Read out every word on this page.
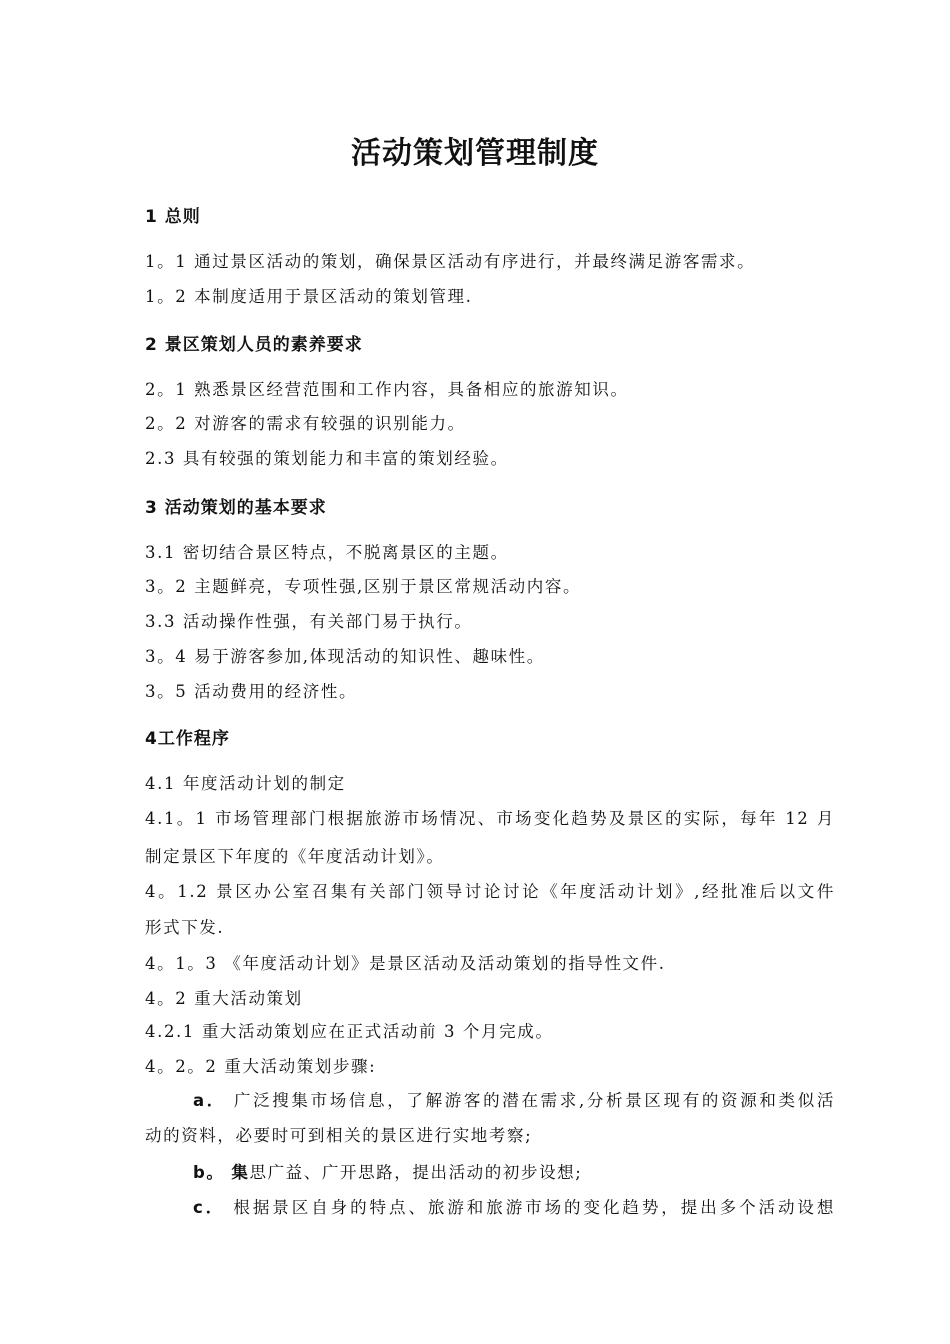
活动策划管理制度

1 总则

1。1 通过景区活动的策划，确保景区活动有序进行，并最终满足游客需求。

1。2 本制度适用于景区活动的策划管理.

2 景区策划人员的素养要求

2。1 熟悉景区经营范围和工作内容，具备相应的旅游知识。

2。2 对游客的需求有较强的识别能力。

2.3 具有较强的策划能力和丰富的策划经验。

3 活动策划的基本要求

3.1 密切结合景区特点，不脱离景区的主题。

3。2 主题鲜亮，专项性强,区别于景区常规活动内容。

3.3 活动操作性强，有关部门易于执行。

3。4 易于游客参加,体现活动的知识性、趣味性。

3。5 活动费用的经济性。

4工作程序

4.1 年度活动计划的制定

4.1。1 市场管理部门根据旅游市场情况、市场变化趋势及景区的实际，每年 12 月

制定景区下年度的《年度活动计划》。

4。1.2 景区办公室召集有关部门领导讨论讨论《年度活动计划》,经批准后以文件

形式下发.

4。1。3 《年度活动计划》是景区活动及活动策划的指导性文件.

4。2 重大活动策划

4.2.1 重大活动策划应在正式活动前 3 个月完成。

4。2。2 重大活动策划步骤:

a． 广泛搜集市场信息，了解游客的潜在需求,分析景区现有的资源和类似活

动的资料，必要时可到相关的景区进行实地考察;

b。 集思广益、广开思路，提出活动的初步设想;

c． 根据景区自身的特点、旅游和旅游市场的变化趋势，提出多个活动设想
